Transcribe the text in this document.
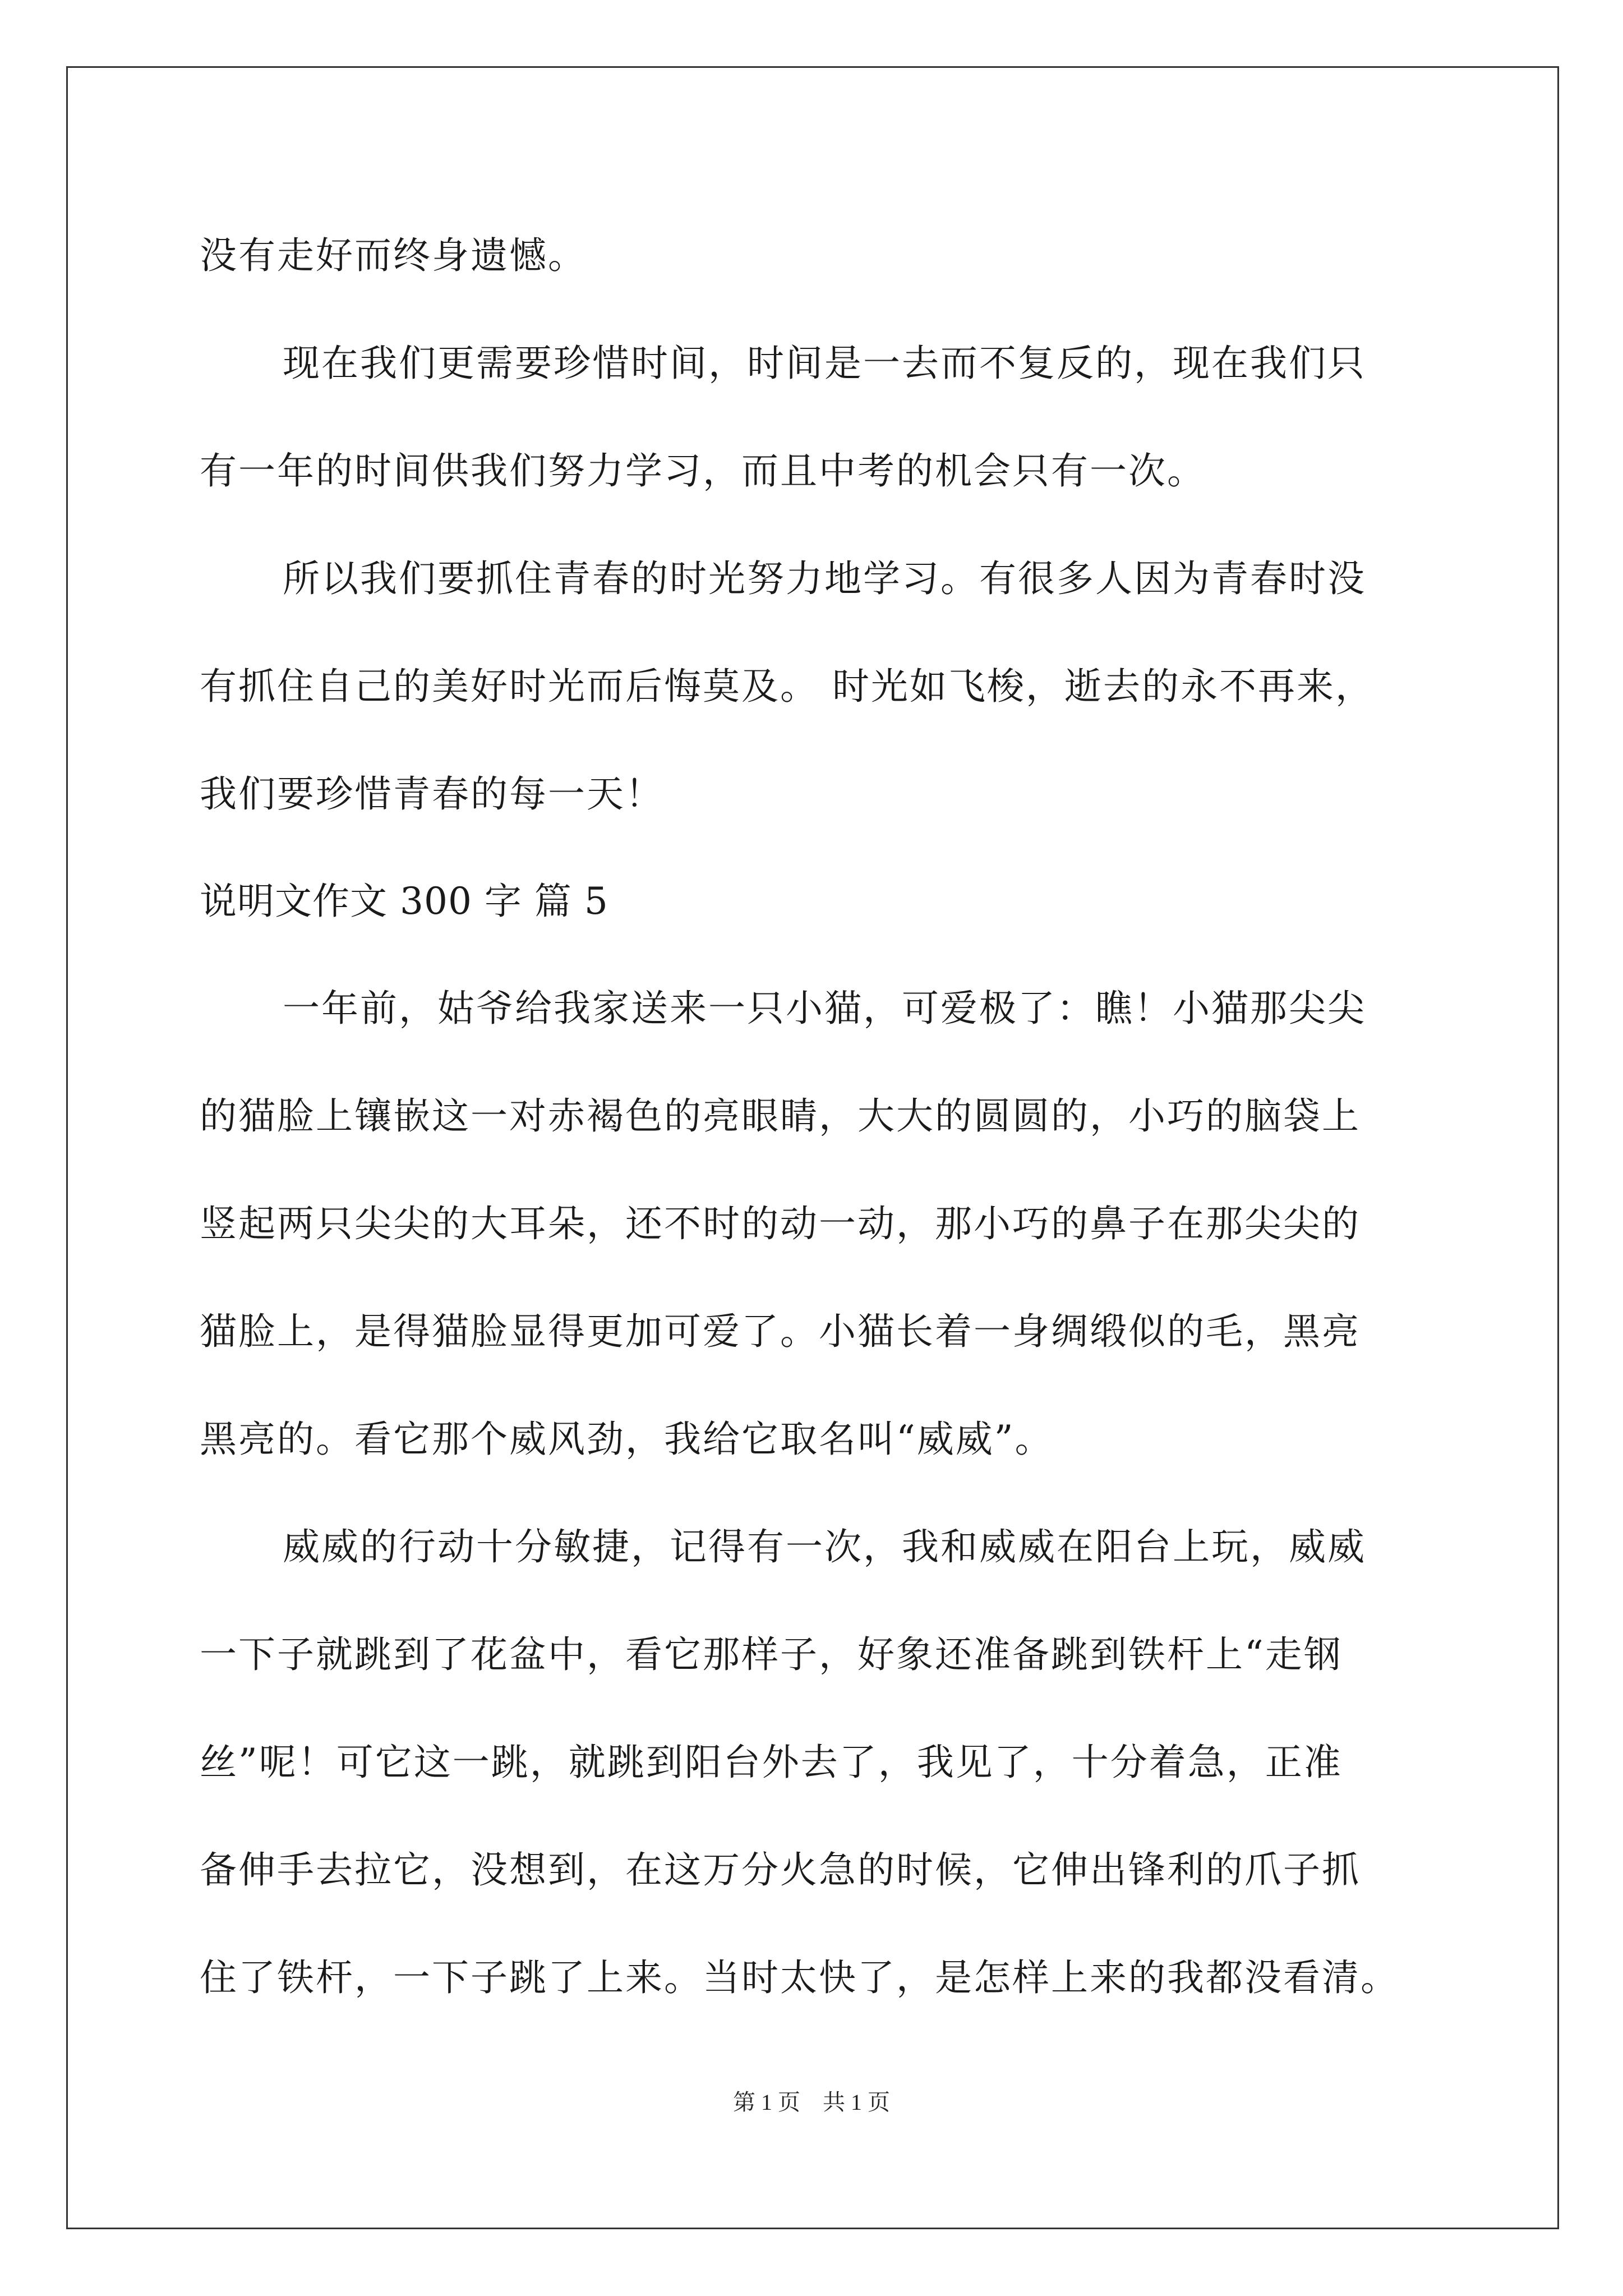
没有走好而终身遗憾。
现在我们更需要珍惜时间，时间是一去而不复反的，现在我们只
有一年的时间供我们努力学习，而且中考的机会只有一次。
所以我们要抓住青春的时光努力地学习。有很多人因为青春时没
有抓住自己的美好时光而后悔莫及。 时光如飞梭，逝去的永不再来，
我们要珍惜青春的每一天！
说明文作文 300 字 篇 5
一年前，姑爷给我家送来一只小猫，可爱极了：瞧！小猫那尖尖
的猫脸上镶嵌这一对赤褐色的亮眼睛，大大的圆圆的，小巧的脑袋上
竖起两只尖尖的大耳朵，还不时的动一动，那小巧的鼻子在那尖尖的
猫脸上，是得猫脸显得更加可爱了。小猫长着一身绸缎似的毛，黑亮
黑亮的。看它那个威风劲，我给它取名叫“威威”。
威威的行动十分敏捷，记得有一次，我和威威在阳台上玩，威威
一下子就跳到了花盆中，看它那样子，好象还准备跳到铁杆上“走钢
丝”呢！可它这一跳，就跳到阳台外去了，我见了，十分着急，正准
备伸手去拉它，没想到，在这万分火急的时候，它伸出锋利的爪子抓
住了铁杆，一下子跳了上来。当时太快了，是怎样上来的我都没看清。
第 1 页　共 1 页
